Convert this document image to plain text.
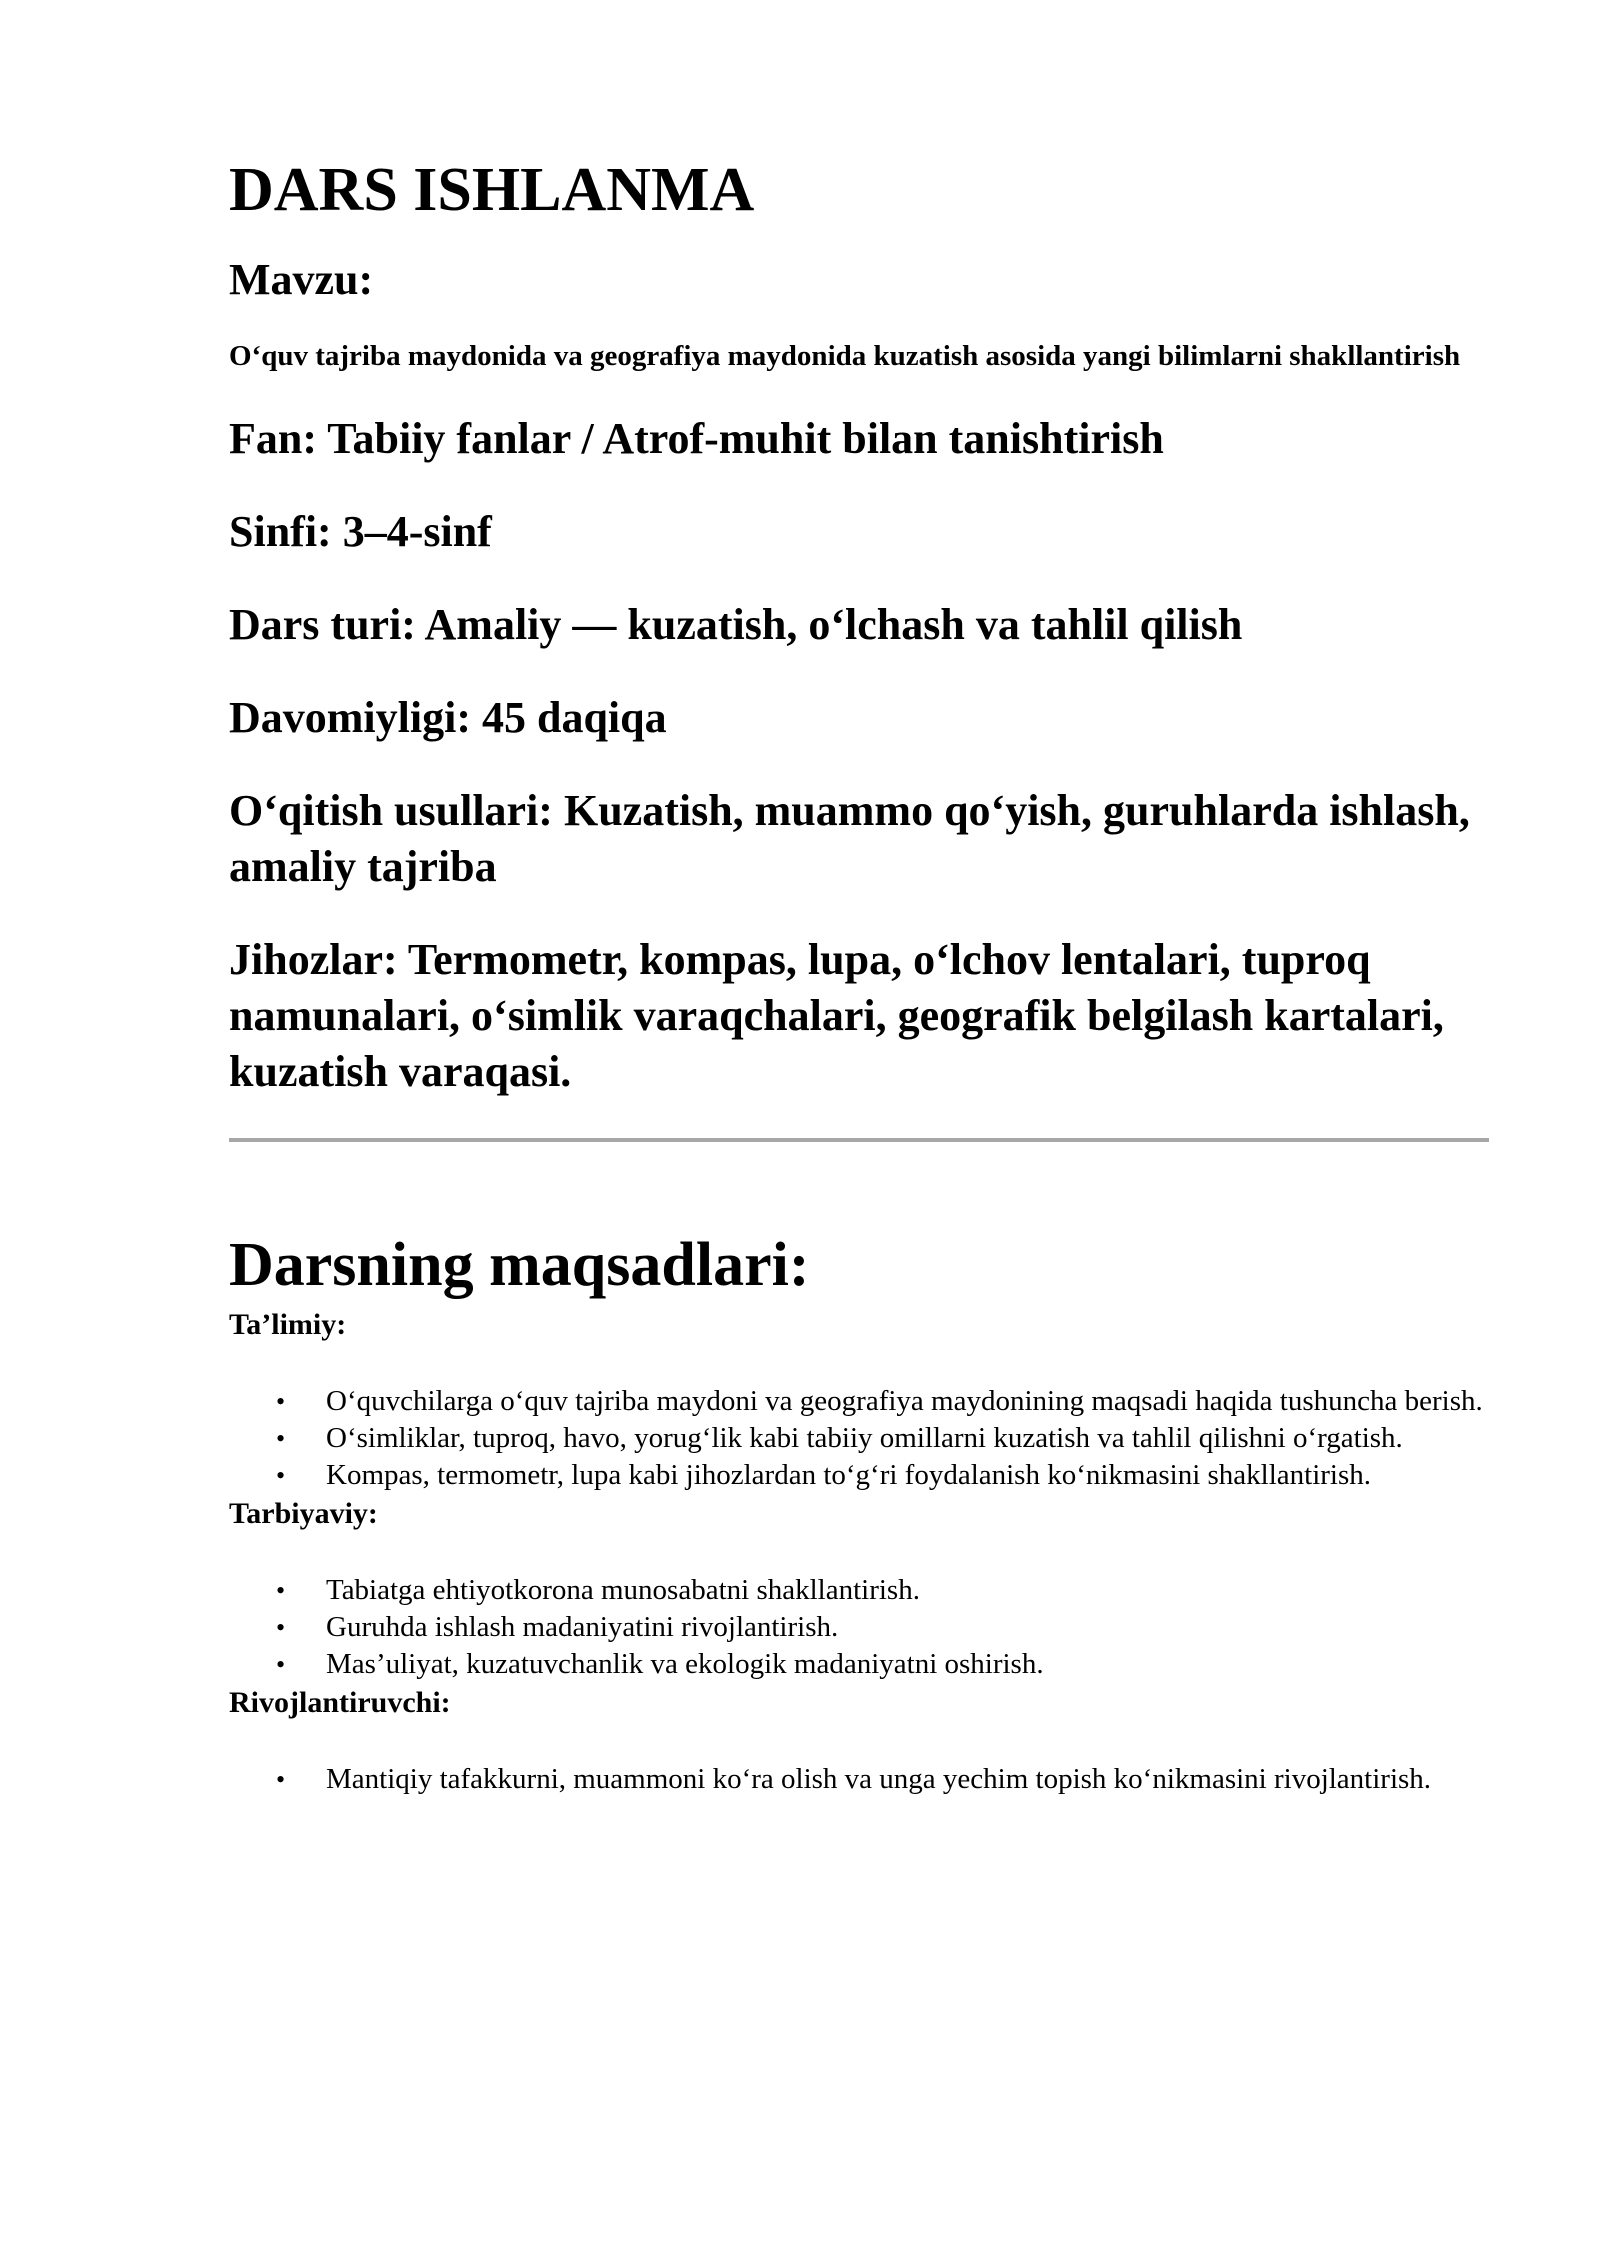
DARS ISHLANMA
Mavzu:
O‘quv tajriba maydonida va geografiya maydonida kuzatish asosida yangi bilimlarni shakllantirish
Fan: Tabiiy fanlar / Atrof-muhit bilan tanishtirish
Sinfi: 3–4-sinf
Dars turi: Amaliy — kuzatish, o‘lchash va tahlil qilish
Davomiyligi: 45 daqiqa
O‘qitish usullari: Kuzatish, muammo qo‘yish, guruhlarda ishlash, amaliy tajriba
Jihozlar: Termometr, kompas, lupa, o‘lchov lentalari, tuproq namunalari, o‘simlik varaqchalari, geografik belgilash kartalari, kuzatish varaqasi.
Darsning maqsadlari:
Ta’limiy:
• O‘quvchilarga o‘quv tajriba maydoni va geografiya maydonining maqsadi haqida tushuncha berish.
• O‘simliklar, tuproq, havo, yorug‘lik kabi tabiiy omillarni kuzatish va tahlil qilishni o‘rgatish.
• Kompas, termometr, lupa kabi jihozlardan to‘g‘ri foydalanish ko‘nikmasini shakllantirish.
Tarbiyaviy:
• Tabiatga ehtiyotkorona munosabatni shakllantirish.
• Guruhda ishlash madaniyatini rivojlantirish.
• Mas’uliyat, kuzatuvchanlik va ekologik madaniyatni oshirish.
Rivojlantiruvchi:
• Mantiqiy tafakkurni, muammoni ko‘ra olish va unga yechim topish ko‘nikmasini rivojlantirish.
